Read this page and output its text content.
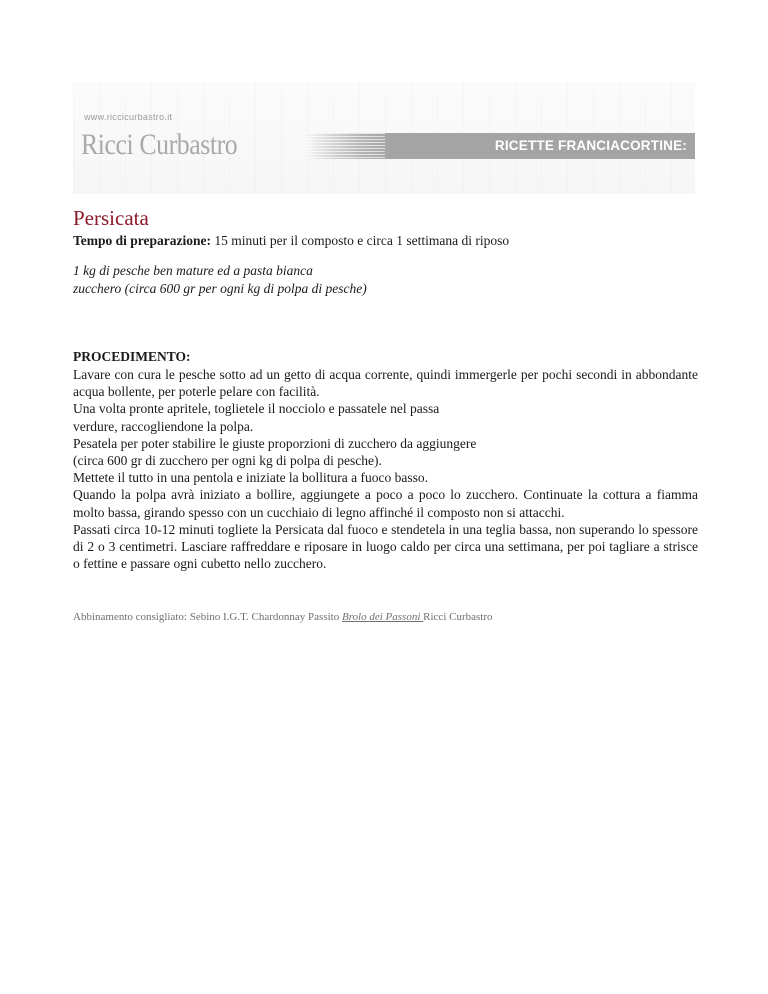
www.riccicurbastro.it
Ricci Curbastro	RICETTE FRANCIACORTINE:
Persicata

Tempo di preparazione: 15 minuti per il composto e circa 1 settimana di riposo

1 kg di pesche ben mature ed a pasta bianca
zucchero (circa 600 gr per ogni kg di polpa di pesche)

PROCEDIMENTO:

Lavare con cura le pesche sotto ad un getto di acqua corrente, quindi immergerle per pochi secondi in abbondante acqua bollente, per poterle pelare con facilità.
Una volta pronte apritele, toglietele il nocciolo e passatele nel passa
verdure, raccogliendone la polpa.
Pesatela per poter stabilire le giuste proporzioni di zucchero da aggiungere
(circa 600 gr di zucchero per ogni kg di polpa di pesche).
Mettete il tutto in una pentola e iniziate la bollitura a fuoco basso.
Quando la polpa avrà iniziato a bollire, aggiungete a poco a poco lo zucchero. Continuate la cottura a fiamma molto bassa, girando spesso con un cucchiaio di legno affinché il composto non si attacchi.
Passati circa 10-12 minuti togliete la Persicata dal fuoco e stendetela in una teglia bassa, non superando lo spessore di 2 o 3 centimetri. Lasciare raffreddare e riposare in luogo caldo per circa una settimana, per poi tagliare a strisce o fettine e passare ogni cubetto nello zucchero.
Abbinamento consigliato: Sebino I.G.T. Chardonnay Passito Brolo dei Passoni Ricci Curbastro
